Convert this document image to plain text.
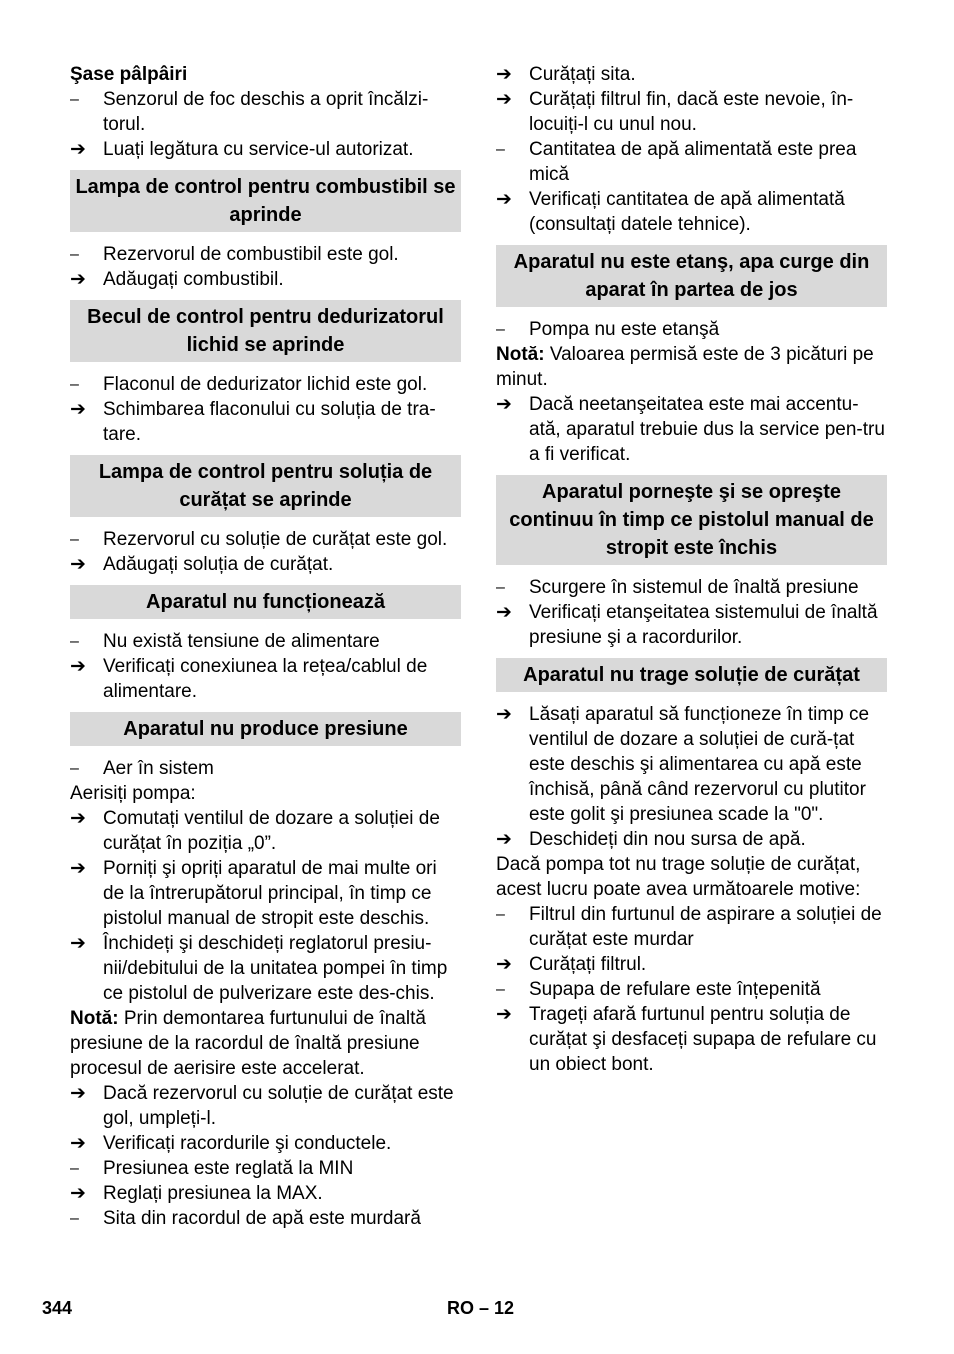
Şase pâlpâiri
–	Senzorul de foc deschis a oprit încălzi-torul.
➔ Luați legătura cu service-ul autorizat.
Lampa de control pentru combustibil se aprinde
–	Rezervorul de combustibil este gol.
➔ Adăugați combustibil.
Becul de control pentru dedurizatorul lichid se aprinde
–	Flaconul de dedurizator lichid este gol.
➔ Schimbarea flaconului cu soluția de tra-tare.
Lampa de control pentru soluția de curățat se aprinde
–	Rezervorul cu soluție de curățat este gol.
➔ Adăugați soluția de curățat.
Aparatul nu funcționează
–	Nu există tensiune de alimentare
➔ Verificați conexiunea la rețea/cablul de alimentare.
Aparatul nu produce presiune
–	Aer în sistem
Aerisiți pompa:
➔ Comutați ventilul de dozare a soluției de curățat în poziția „0”.
➔ Porniți şi opriți aparatul de mai multe ori de la întrerupătorul principal, în timp ce pistolul manual de stropit este deschis.
➔ Închideți şi deschideți reglatorul presiu-nii/debitului de la unitatea pompei în timp ce pistolul de pulverizare este des-chis.
Notă: Prin demontarea furtunului de înaltă presiune de la racordul de înaltă presiune procesul de aerisire este accelerat.
➔ Dacă rezervorul cu soluție de curățat este gol, umpleți-l.
➔ Verificați racordurile şi conductele.
–	Presiunea este reglată la MIN
➔ Reglați presiunea la MAX.
–	Sita din racordul de apă este murdară
➔ Curățați sita.
➔ Curățați filtrul fin, dacă este nevoie, în-locuiți-l cu unul nou.
–	Cantitatea de apă alimentată este prea mică
➔ Verificați cantitatea de apă alimentată (consultați datele tehnice).
Aparatul nu este etanş, apa curge din aparat în partea de jos
–	Pompa nu este etanşă
Notă: Valoarea permisă este de 3 picături pe minut.
➔ Dacă neetanşeitatea este mai accentu-ată, aparatul trebuie dus la service pen-tru a fi verificat.
Aparatul porneşte şi se opreşte continuu în timp ce pistolul manual de stropit este închis
–	Scurgere în sistemul de înaltă presiune
➔ Verificați etanşeitatea sistemului de înaltă presiune şi a racordurilor.
Aparatul nu trage soluție de curățat
➔ Lăsați aparatul să funcționeze în timp ce ventilul de dozare a soluției de cură-țat este deschis şi alimentarea cu apă este închisă, până când rezervorul cu plutitor este golit şi presiunea scade la "0".
➔ Deschideți din nou sursa de apă.
Dacă pompa tot nu trage soluție de curățat, acest lucru poate avea următoarele motive:
–	Filtrul din furtunul de aspirare a soluției de curățat este murdar
➔ Curățați filtrul.
–	Supapa de refulare este înțepenită
➔ Trageți afară furtunul pentru soluția de curățat şi desfaceți supapa de refulare cu un obiect bont.
344	RO – 12
